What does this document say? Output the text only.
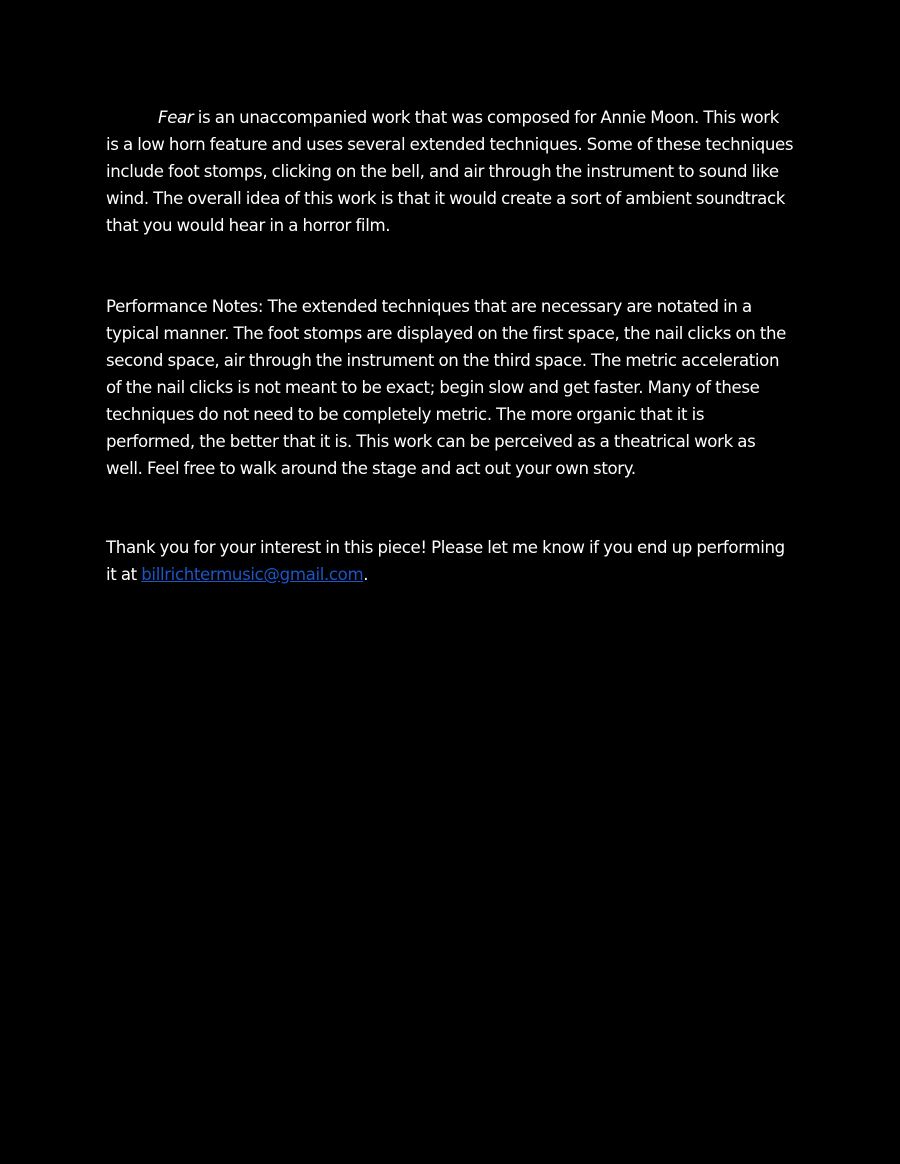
Fear is an unaccompanied work that was composed for Annie Moon. This work is a low horn feature and uses several extended techniques. Some of these techniques include foot stomps, clicking on the bell, and air through the instrument to sound like wind. The overall idea of this work is that it would create a sort of ambient soundtrack that you would hear in a horror film.

Performance Notes: The extended techniques that are necessary are notated in a typical manner. The foot stomps are displayed on the first space, the nail clicks on the second space, air through the instrument on the third space. The metric acceleration of the nail clicks is not meant to be exact; begin slow and get faster. Many of these techniques do not need to be completely metric. The more organic that it is performed, the better that it is. This work can be perceived as a theatrical work as well. Feel free to walk around the stage and act out your own story.

Thank you for your interest in this piece! Please let me know if you end up performing it at billrichtermusic@gmail.com.
